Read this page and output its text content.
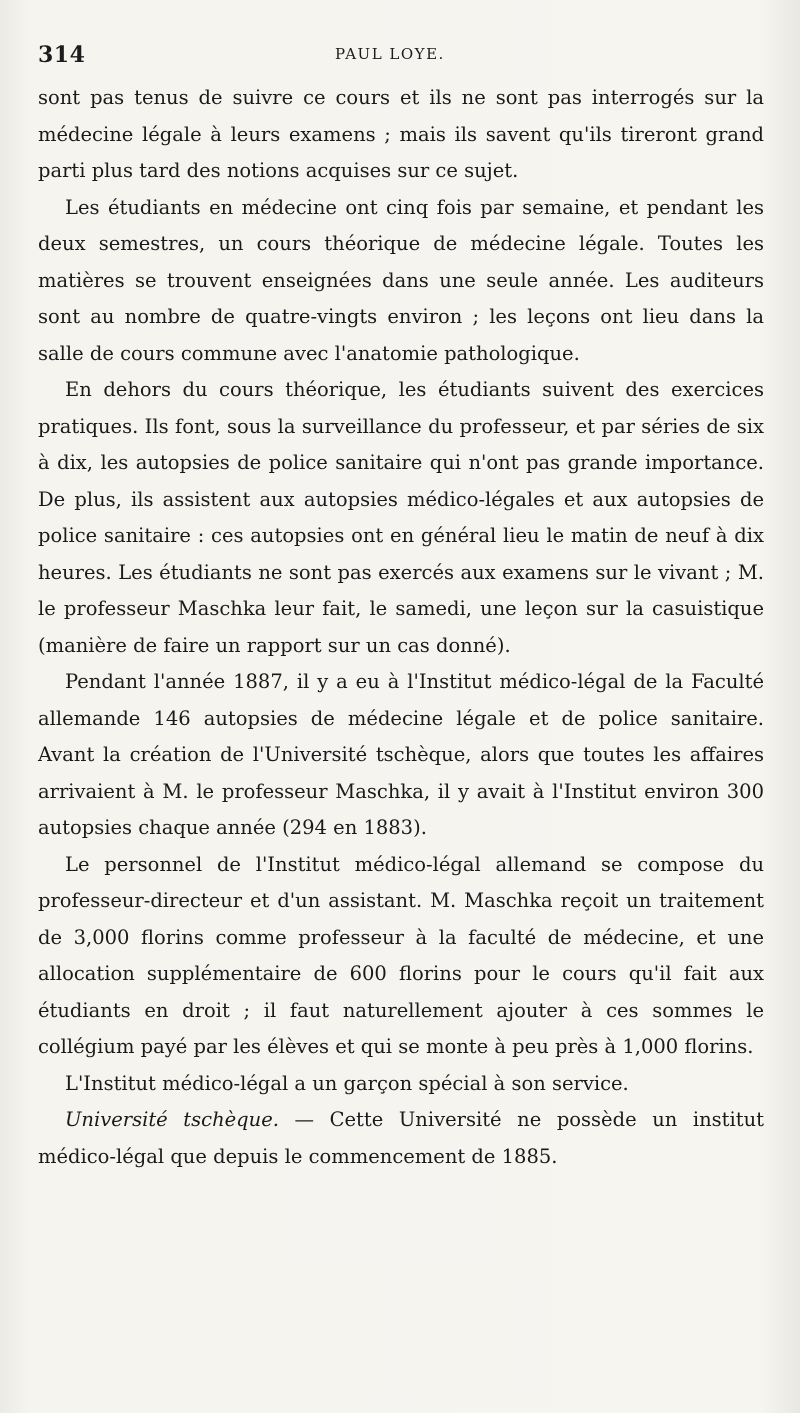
314	PAUL LOYE.

sont pas tenus de suivre ce cours et ils ne sont pas interrogés sur la médecine légale à leurs examens ; mais ils savent qu'ils tireront grand parti plus tard des notions acquises sur ce sujet.

Les étudiants en médecine ont cinq fois par semaine, et pendant les deux semestres, un cours théorique de médecine légale. Toutes les matières se trouvent enseignées dans une seule année. Les auditeurs sont au nombre de quatre-vingts environ ; les leçons ont lieu dans la salle de cours commune avec l'anatomie pathologique.

En dehors du cours théorique, les étudiants suivent des exercices pratiques. Ils font, sous la surveillance du professeur, et par séries de six à dix, les autopsies de police sanitaire qui n'ont pas grande importance. De plus, ils assistent aux autopsies médico-légales et aux autopsies de police sanitaire : ces autopsies ont en général lieu le matin de neuf à dix heures. Les étudiants ne sont pas exercés aux examens sur le vivant ; M. le professeur Maschka leur fait, le samedi, une leçon sur la casuistique (manière de faire un rapport sur un cas donné).

Pendant l'année 1887, il y a eu à l'Institut médico-légal de la Faculté allemande 146 autopsies de médecine légale et de police sanitaire. Avant la création de l'Université tschèque, alors que toutes les affaires arrivaient à M. le professeur Maschka, il y avait à l'Institut environ 300 autopsies chaque année (294 en 1883).

Le personnel de l'Institut médico-légal allemand se compose du professeur-directeur et d'un assistant. M. Maschka reçoit un traitement de 3,000 florins comme professeur à la faculté de médecine, et une allocation supplémentaire de 600 florins pour le cours qu'il fait aux étudiants en droit ; il faut naturellement ajouter à ces sommes le collégium payé par les élèves et qui se monte à peu près à 1,000 florins.

L'Institut médico-légal a un garçon spécial à son service.

Université tschèque. — Cette Université ne possède un institut médico-légal que depuis le commencement de 1885.
